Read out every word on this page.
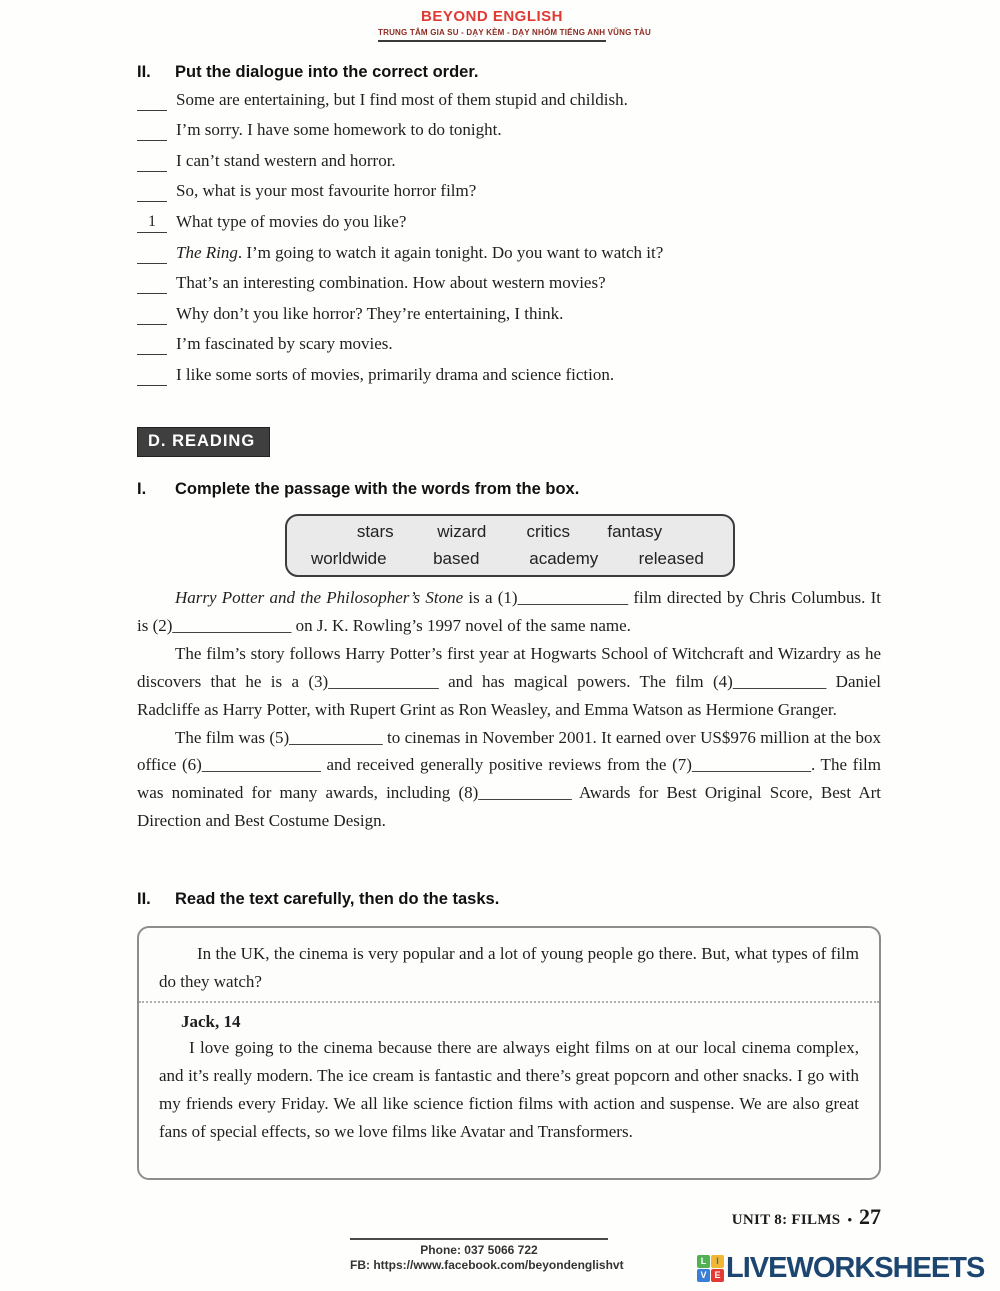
BEYOND ENGLISH
TRUNG TÂM GIA SU - DẠY KÈM - DẠY NHÓM TIẾNG ANH VŨNG TÀU
II.	Put the dialogue into the correct order.
Some are entertaining, but I find most of them stupid and childish.
I’m sorry. I have some homework to do tonight.
I can’t stand western and horror.
So, what is your most favourite horror film?
1	What type of movies do you like?
The Ring. I’m going to watch it again tonight. Do you want to watch it?
That’s an interesting combination. How about western movies?
Why don’t you like horror? They’re entertaining, I think.
I’m fascinated by scary movies.
I like some sorts of movies, primarily drama and science fiction.
D. READING
I.	Complete the passage with the words from the box.
stars	wizard	critics	fantasy
worldwide	based	academy	released

Harry Potter and the Philosopher’s Stone is a (1)_____________ film directed by Chris Columbus. It is (2)______________ on J. K. Rowling’s 1997 novel of the same name.

The film’s story follows Harry Potter’s first year at Hogwarts School of Witchcraft and Wizardry as he discovers that he is a (3)_____________ and has magical powers. The film (4)___________ Daniel Radcliffe as Harry Potter, with Rupert Grint as Ron Weasley, and Emma Watson as Hermione Granger.

The film was (5)___________ to cinemas in November 2001. It earned over US$976 million at the box office (6)______________ and received generally positive reviews from the (7)______________. The film was nominated for many awards, including (8)___________ Awards for Best Original Score, Best Art Direction and Best Costume Design.

II.	Read the text carefully, then do the tasks.

In the UK, the cinema is very popular and a lot of young people go there. But, what types of film do they watch?

Jack, 14

I love going to the cinema because there are always eight films on at our local cinema complex, and it’s really modern. The ice cream is fantastic and there’s great popcorn and other snacks. I go with my friends every Friday. We all like science fiction films with action and suspense. We are also great fans of special effects, so we love films like Avatar and Transformers.

UNIT 8: FILMS • 27
Phone: 037 5066 722
FB: https://www.facebook.com/beyondenglishvt	L	I
V E LIVEWORKSHEETS
